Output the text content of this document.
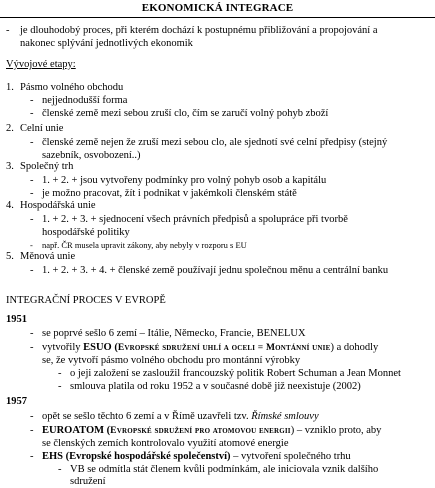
EKONOMICKÁ INTEGRACE
- je dlouhodobý proces, při kterém dochází k postupnému přibližování a propojování a
nakonec splývání jednotlivých ekonomik
Vývojové etapy:
1. Pásmo volného obchodu
- nejjednodušší forma
- členské země mezi sebou zruší clo, čím se zaručí volný pohyb zboží
2. Celní unie
- členské země nejen že zruší mezi sebou clo, ale sjednotí své celní předpisy (stejný
sazebník, osvobození..)
3. Společný trh
- 1. + 2. + jsou vytvořeny podmínky pro volný pohyb osob a kapitálu
- je možno pracovat, žít i podnikat v jakémkoli členském státě
4. Hospodářská unie
- 1. + 2. + 3. + sjednocení všech právních předpisů a spolupráce při tvorbě
hospodářské politiky
- např. ČR musela upravit zákony, aby nebyly v rozporu s EU
5. Měnová unie
- 1. + 2. + 3. + 4. + členské země používají jednu společnou měnu a centrální banku
INTEGRAČNÍ PROCES V EVROPĚ
1951
- se poprvé sešlo 6 zemí – Itálie, Německo, Francie, BENELUX
- vytvořily ESUO (Evropské sdružení uhlí a oceli = Montánní unie) a dohodly
se, že vytvoří pásmo volného obchodu pro montánní výrobky
- o jeji založení se zasloužil francouzský politik Robert Schuman a Jean Monnet
- smlouva platila od roku 1952 a v současné době již neexistuje (2002)
1957
- opět se sešlo těchto 6 zemí a v Římě uzavřeli tzv. Římské smlouvy
- EUROATOM (Evropské sdružení pro atomovou energii) – vzniklo proto, aby
se členských zemích kontrolovalo využití atomové energie
- EHS (Evropské hospodářské společenství) – vytvoření společného trhu
- VB se odmítla stát členem kvůli podmínkám, ale iniciovala vznik dalšího
sdružení
